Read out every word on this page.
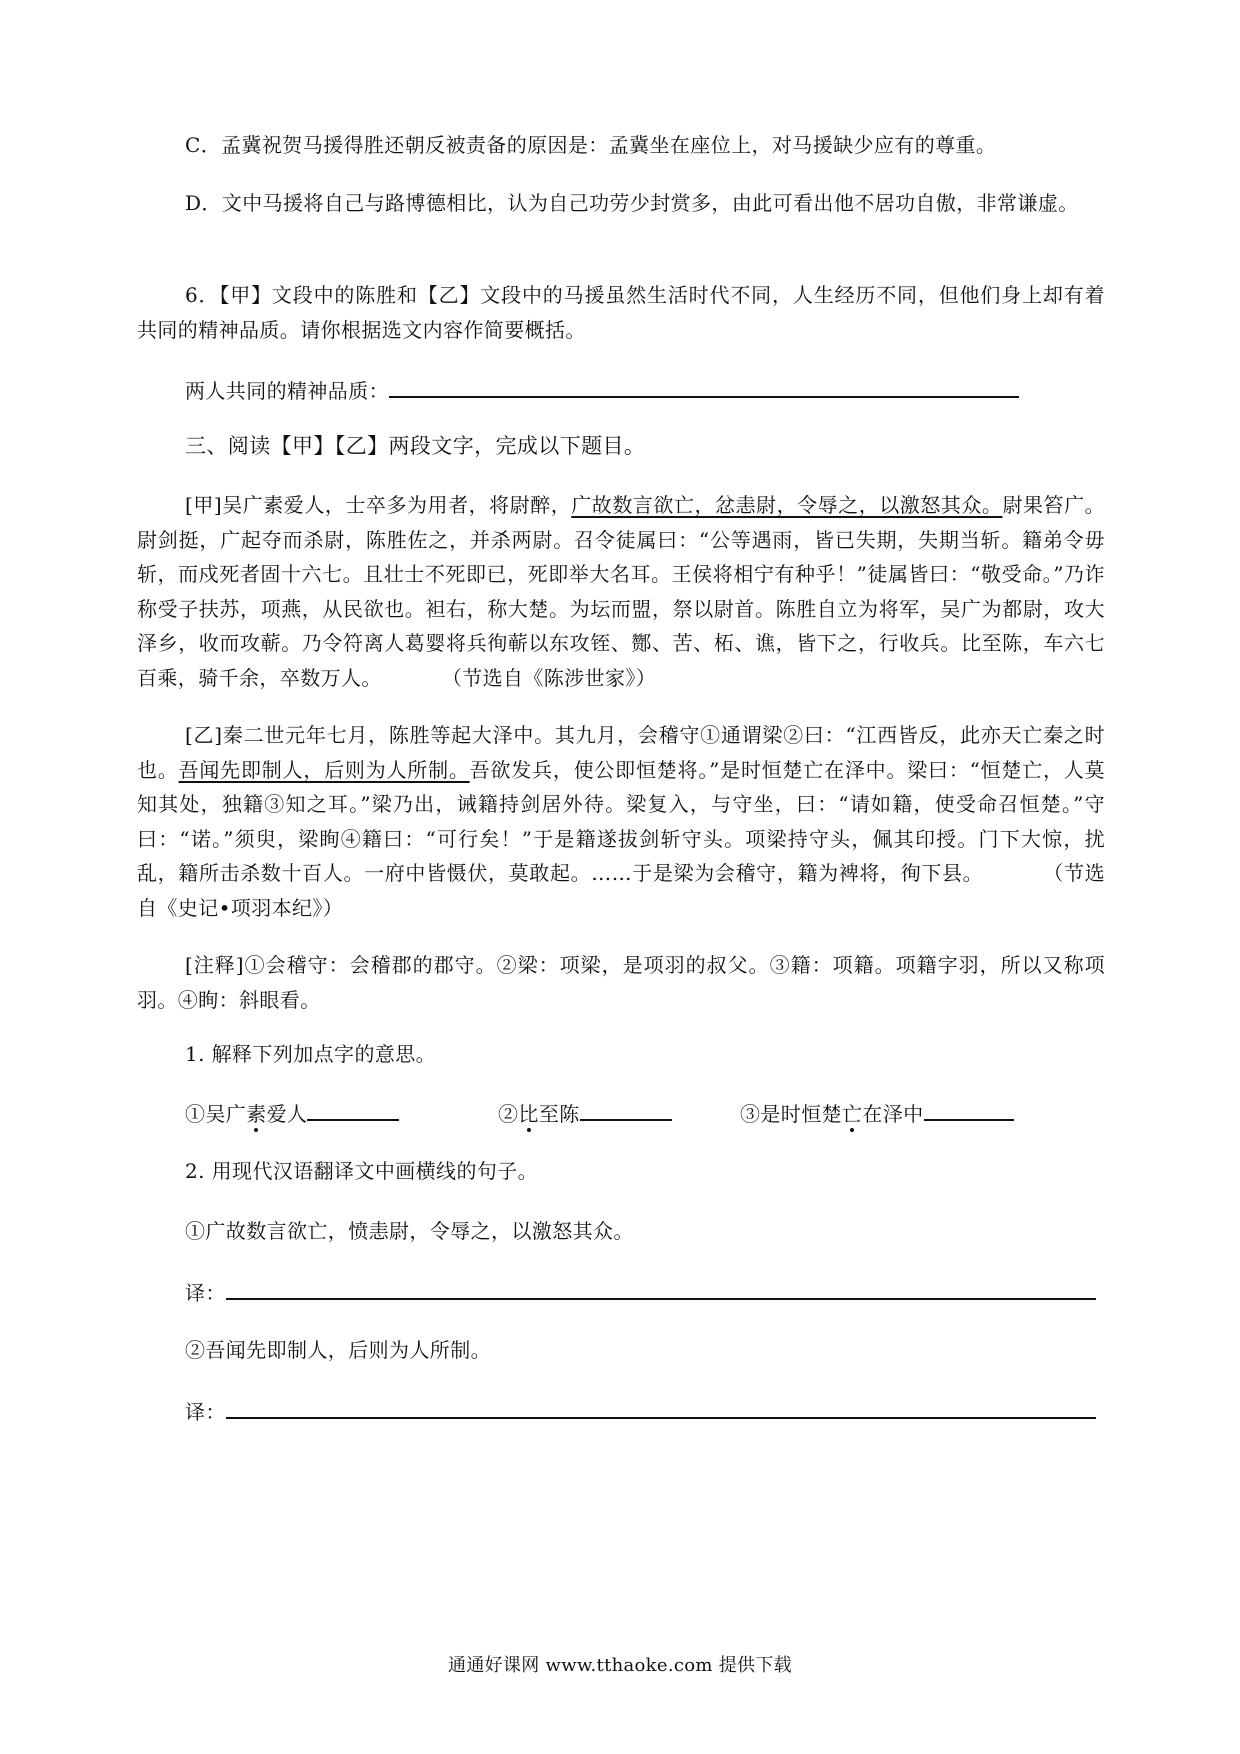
C．孟冀祝贺马援得胜还朝反被责备的原因是：孟冀坐在座位上，对马援缺少应有的尊重。

D．文中马援将自己与路博德相比，认为自己功劳少封赏多，由此可看出他不居功自傲，非常谦虚。

6．【甲】文段中的陈胜和【乙】文段中的马援虽然生活时代不同，人生经历不同，但他们身上却有着共同的精神品质。请你根据选文内容作简要概括。

两人共同的精神品质：
三、阅读【甲】【乙】两段文字，完成以下题目。

[甲]吴广素爱人，士卒多为用者，将尉醉，广故数言欲亡，忿恚尉，令辱之，以激怒其众。尉果笞广。尉剑挺，广起夺而杀尉，陈胜佐之，并杀两尉。召令徒属曰：“公等遇雨，皆已失期，失期当斩。籍弟令毋斩，而戍死者固十六七。且壮士不死即已，死即举大名耳。王侯将相宁有种乎！”徒属皆曰：“敬受命。”乃诈称受子扶苏，项燕，从民欲也。袒右，称大楚。为坛而盟，祭以尉首。陈胜自立为将军，吴广为都尉，攻大泽乡，收而攻蕲。乃令符离人葛婴将兵徇蕲以东攻铚、酂、苦、柘、谯，皆下之，行收兵。比至陈，车六七百乘，骑千余，卒数万人。	（节选自《陈涉世家》）

[乙]秦二世元年七月，陈胜等起大泽中。其九月，会稽守①通谓梁②曰：“江西皆反，此亦天亡秦之时也。吾闻先即制人，后则为人所制。吾欲发兵，使公即恒楚将。”是时恒楚亡在泽中。梁曰：“恒楚亡，人莫知其处，独籍③知之耳。”梁乃出，诫籍持剑居外待。梁复入，与守坐，曰：“请如籍，使受命召恒楚。”守曰：“诺。”须臾，梁眴④籍曰：“可行矣！”于是籍遂拔剑斩守头。项梁持守头，佩其印授。门下大惊，扰乱，籍所击杀数十百人。一府中皆慑伏，莫敢起。……于是梁为会稽守，籍为裨将，徇下县。	（节选自《史记•项羽本纪》）

[注释]①会稽守：会稽郡的郡守。②梁：项梁，是项羽的叔父。③籍：项籍。项籍字羽，所以又称项羽。④眴：斜眼看。

1. 解释下列加点字的意思。
①吴广素爱人	②比至陈	③是时恒楚亡在泽中
2. 用现代汉语翻译文中画横线的句子。
①广故数言欲亡，愤恚尉，令辱之，以激怒其众。
译：
②吾闻先即制人，后则为人所制。
译：
通通好课网 www.tthaoke.com 提供下载
